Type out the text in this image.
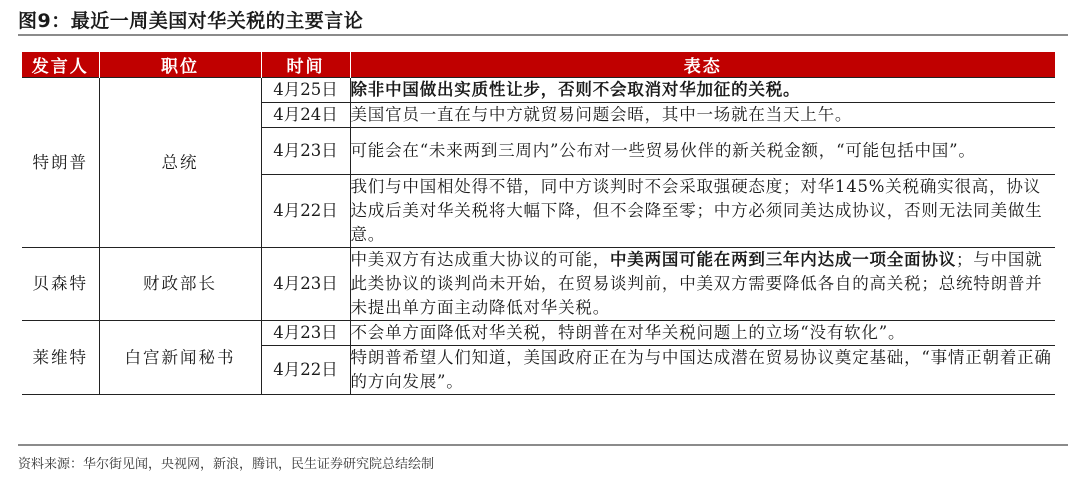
图9：最近一周美国对华关税的主要言论
发言人	职位	时间	表态
特朗普	总统	4月25日	除非中国做出实质性让步，否则不会取消对华加征的关税。
		4月24日	美国官员一直在与中方就贸易问题会晤，其中一场就在当天上午。
		4月23日	可能会在“未来两到三周内”公布对一些贸易伙伴的新关税金额，“可能包括中国”。
		4月22日	我们与中国相处得不错，同中方谈判时不会采取强硬态度；对华145%关税确实很高，协议达成后美对华关税将大幅下降，但不会降至零；中方必须同美达成协议，否则无法同美做生意。
贝森特	财政部长	4月23日	中美双方有达成重大协议的可能，中美两国可能在两到三年内达成一项全面协议；与中国就此类协议的谈判尚未开始，在贸易谈判前，中美双方需要降低各自的高关税；总统特朗普并未提出单方面主动降低对华关税。
莱维特	白宫新闻秘书	4月23日	不会单方面降低对华关税，特朗普在对华关税问题上的立场“没有软化”。
		4月22日	特朗普希望人们知道，美国政府正在为与中国达成潜在贸易协议奠定基础，“事情正朝着正确的方向发展”。
资料来源：华尔街见闻，央视网，新浪，腾讯，民生证券研究院总结绘制
